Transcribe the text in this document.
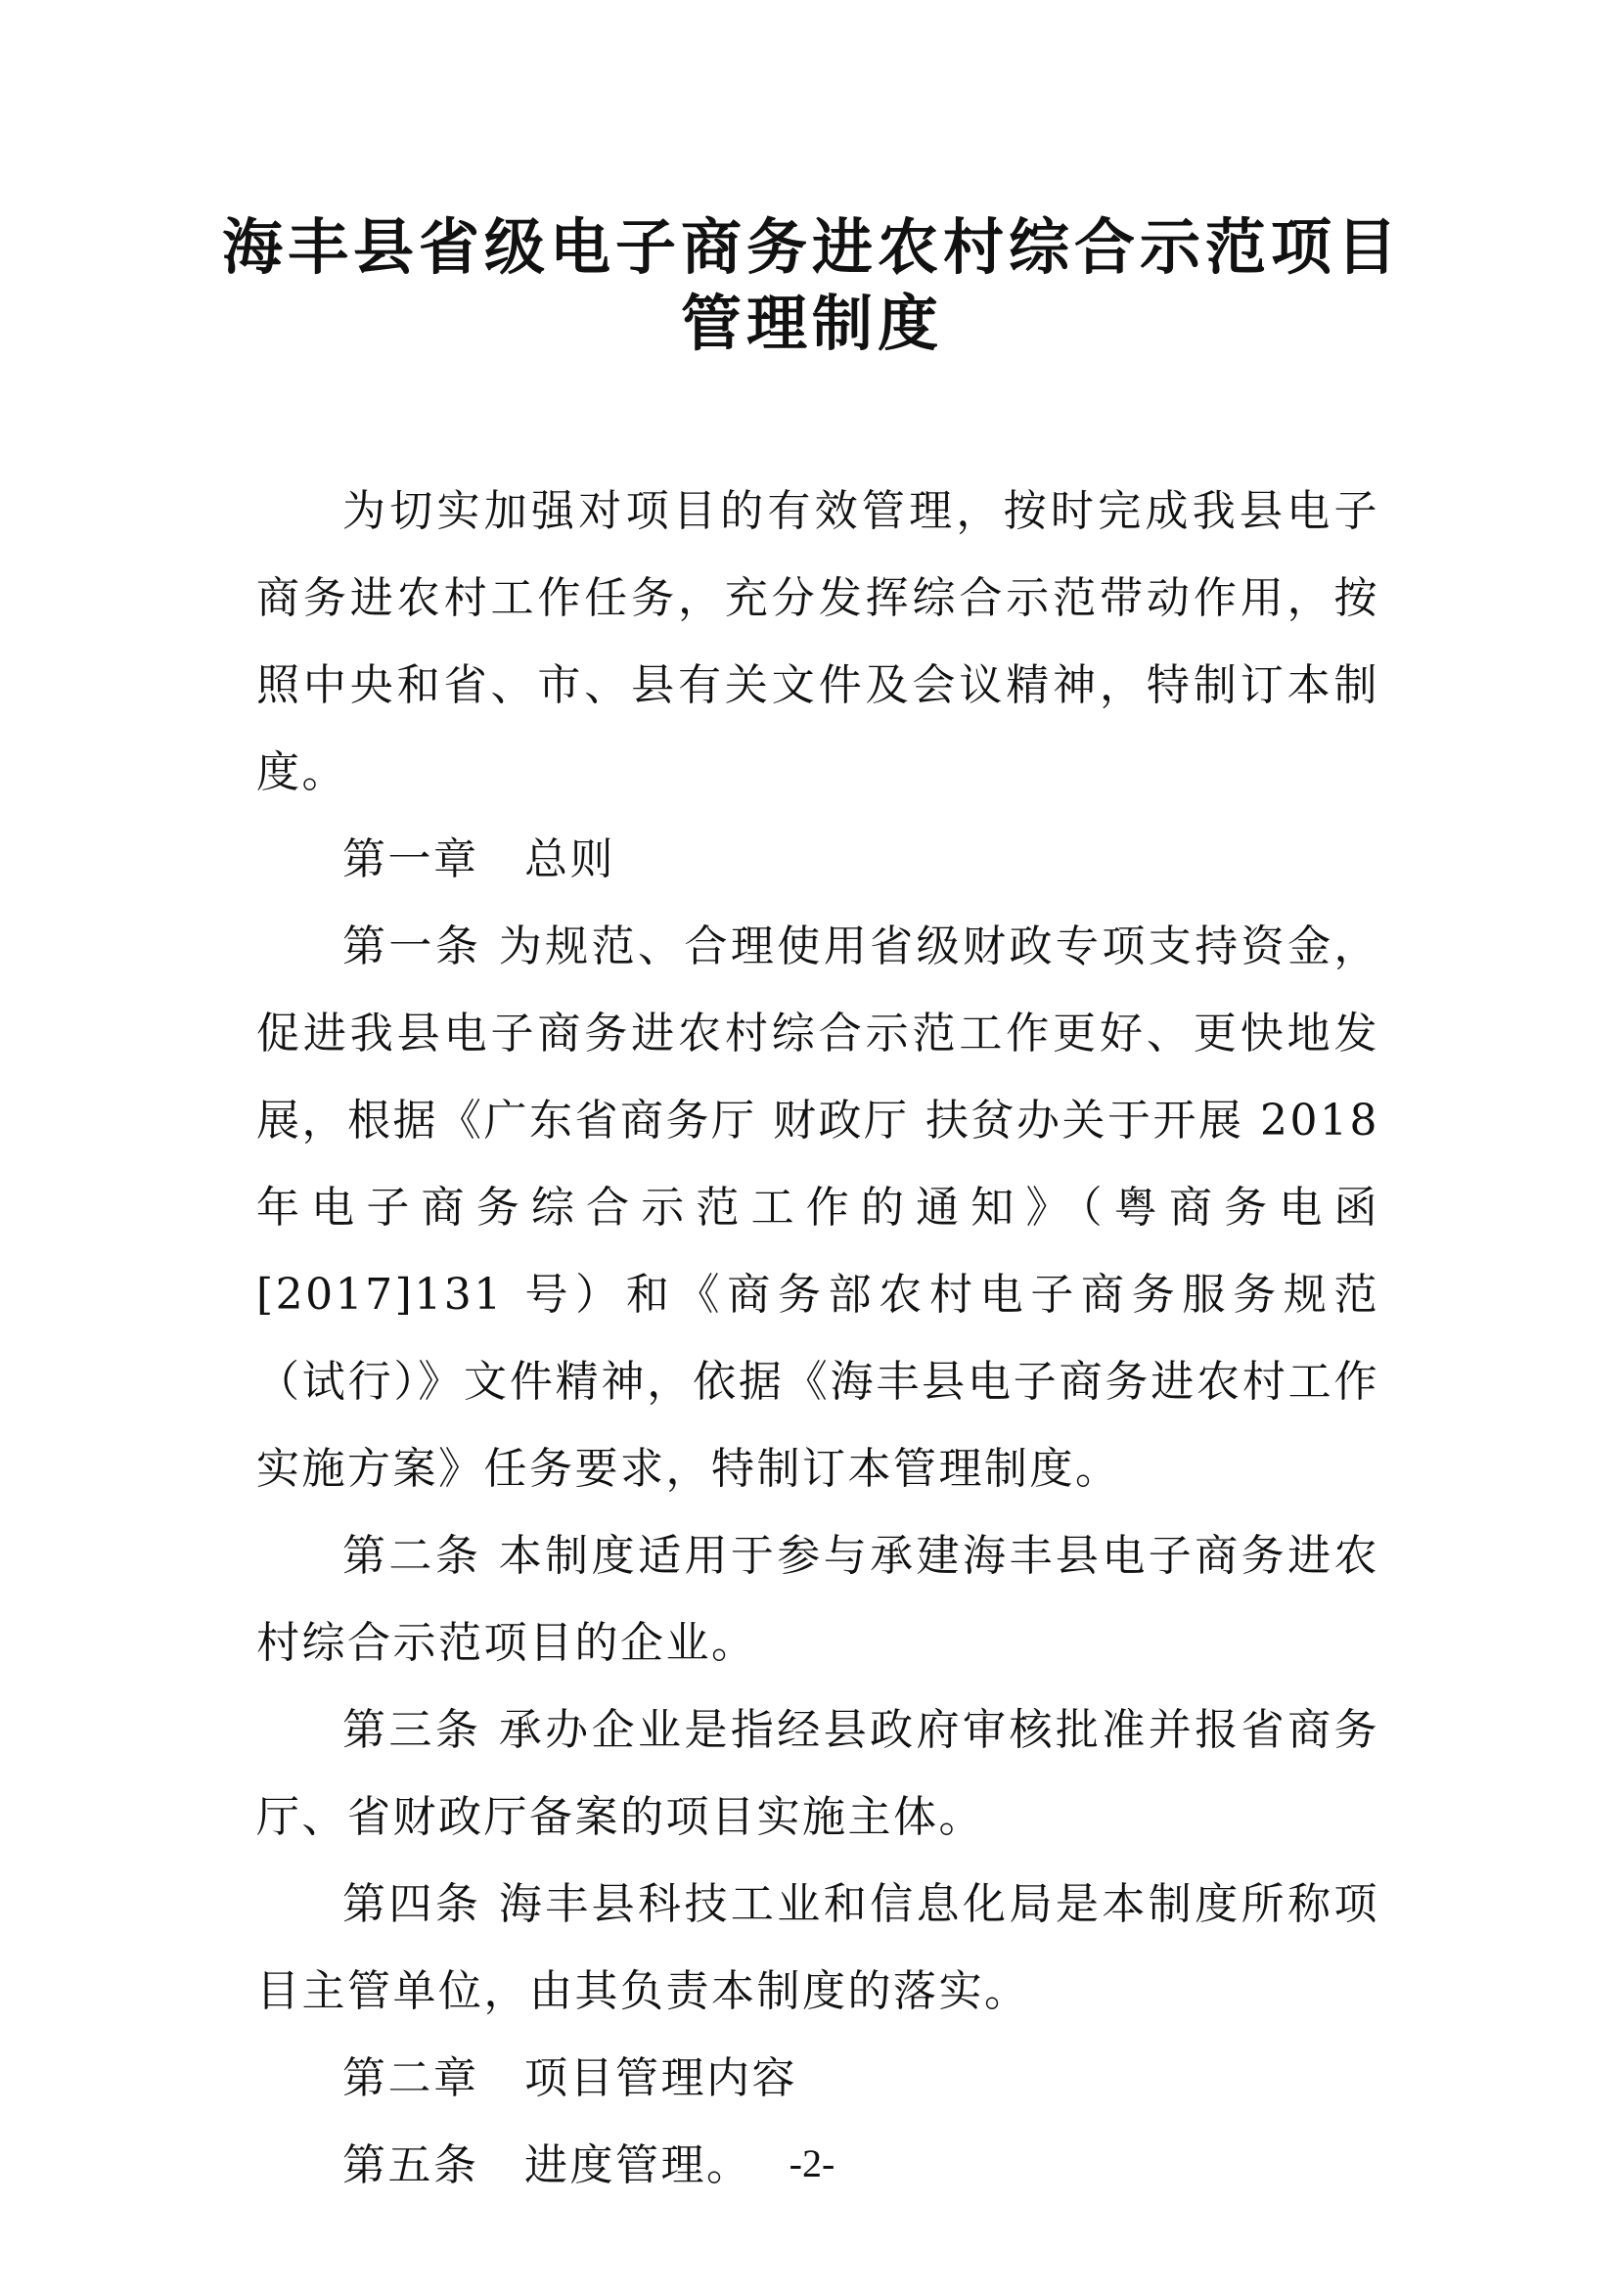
海丰县省级电子商务进农村综合示范项目
管理制度

为切实加强对项目的有效管理，按时完成我县电子商务进农村工作任务，充分发挥综合示范带动作用，按照中央和省、市、县有关文件及会议精神，特制订本制度。

第一章　总则

第一条 为规范、合理使用省级财政专项支持资金，促进我县电子商务进农村综合示范工作更好、更快地发展，根据《广东省商务厅 财政厅 扶贫办关于开展 2018 年电子商务综合示范工作的通知》（粤商务电函[2017]131 号）和《商务部农村电子商务服务规范（试行）》文件精神，依据《海丰县电子商务进农村工作实施方案》任务要求，特制订本管理制度。

第二条 本制度适用于参与承建海丰县电子商务进农村综合示范项目的企业。

第三条 承办企业是指经县政府审核批准并报省商务厅、省财政厅备案的项目实施主体。

第四条 海丰县科技工业和信息化局是本制度所称项目主管单位，由其负责本制度的落实。

第二章　项目管理内容

第五条　进度管理。 -2-
